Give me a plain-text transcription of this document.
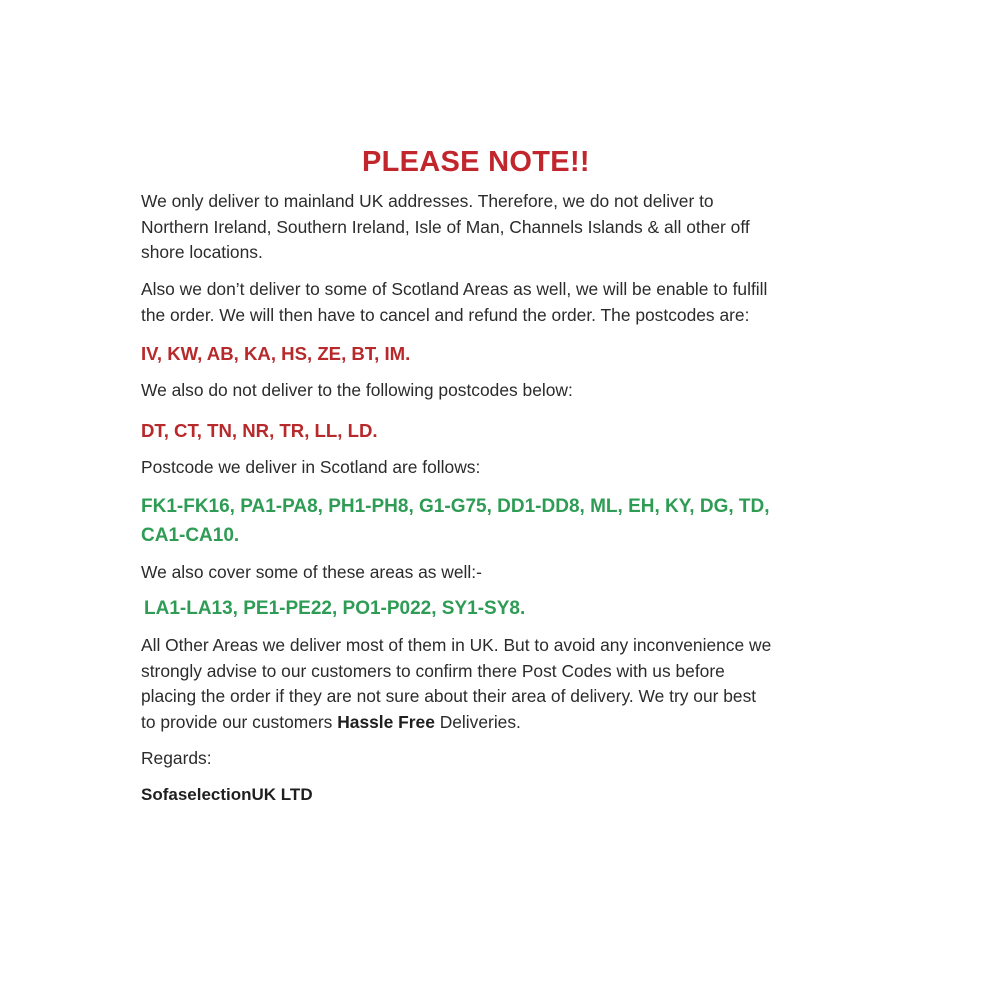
PLEASE NOTE!!

We only deliver to mainland UK addresses. Therefore, we do not deliver to
Northern Ireland, Southern Ireland, Isle of Man, Channels Islands & all other off
shore locations.

Also we don’t deliver to some of Scotland Areas as well, we will be enable to fulfill
the order. We will then have to cancel and refund the order. The postcodes are:

IV, KW, AB, KA, HS, ZE, BT, IM.

We also do not deliver to the following postcodes below:

DT, CT, TN, NR, TR, LL, LD.

Postcode we deliver in Scotland are follows:

FK1-FK16, PA1-PA8, PH1-PH8, G1-G75, DD1-DD8, ML, EH, KY, DG, TD,
CA1-CA10.

We also cover some of these areas as well:-

LA1-LA13, PE1-PE22, PO1-P022, SY1-SY8.

All Other Areas we deliver most of them in UK. But to avoid any inconvenience we
strongly advise to our customers to confirm there Post Codes with us before
placing the order if they are not sure about their area of delivery. We try our best
to provide our customers Hassle Free Deliveries.

Regards:

SofaselectionUK LTD
